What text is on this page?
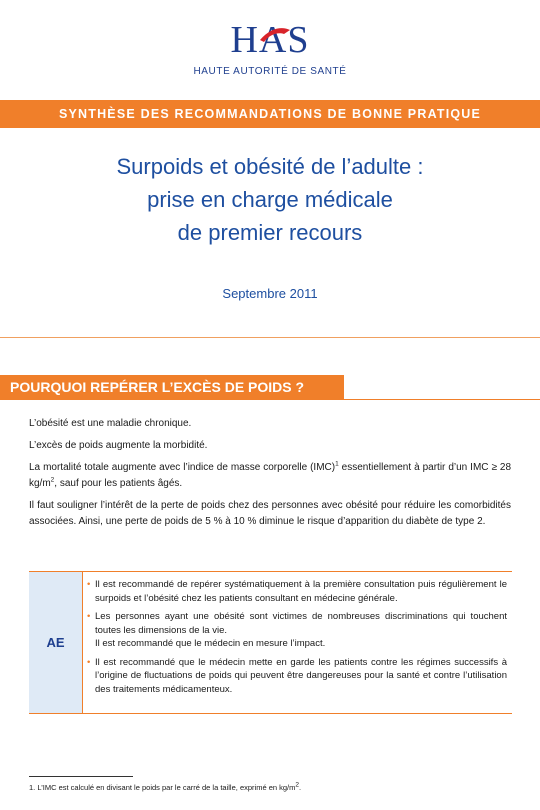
HAS
HAUTE AUTORITÉ DE SANTÉ
SYNTHÈSE DES RECOMMANDATIONS DE BONNE PRATIQUE
Surpoids et obésité de l’adulte :
prise en charge médicale
de premier recours
Septembre 2011
POURQUOI REPÉRER L’EXCÈS DE POIDS ?

L’obésité est une maladie chronique.

L’excès de poids augmente la morbidité.

La mortalité totale augmente avec l’indice de masse corporelle (IMC)$^1$ essentiellement à partir d’un IMC ≥ 28 $kg/m^2$, sauf pour les patients âgés.

Il faut souligner l’intérêt de la perte de poids chez des personnes avec obésité pour réduire les comorbidités associées. Ainsi, une perte de poids de 5 % à 10 % diminue le risque d’apparition du diabète de type 2.

AE
• Il est recommandé de repérer systématiquement à la première consultation puis régulièrement le surpoids et l’obésité chez les patients consultant en médecine générale.
• Les personnes ayant une obésité sont victimes de nombreuses discriminations qui touchent toutes les dimensions de la vie.
Il est recommandé que le médecin en mesure l’impact.
• Il est recommandé que le médecin mette en garde les patients contre les régimes successifs à l’origine de fluctuations de poids qui peuvent être dangereuses pour la santé et contre l’utilisation des traitements médicamenteux.
1. L’IMC est calculé en divisant le poids par le carré de la taille, exprimé en $kg/m^2$.
